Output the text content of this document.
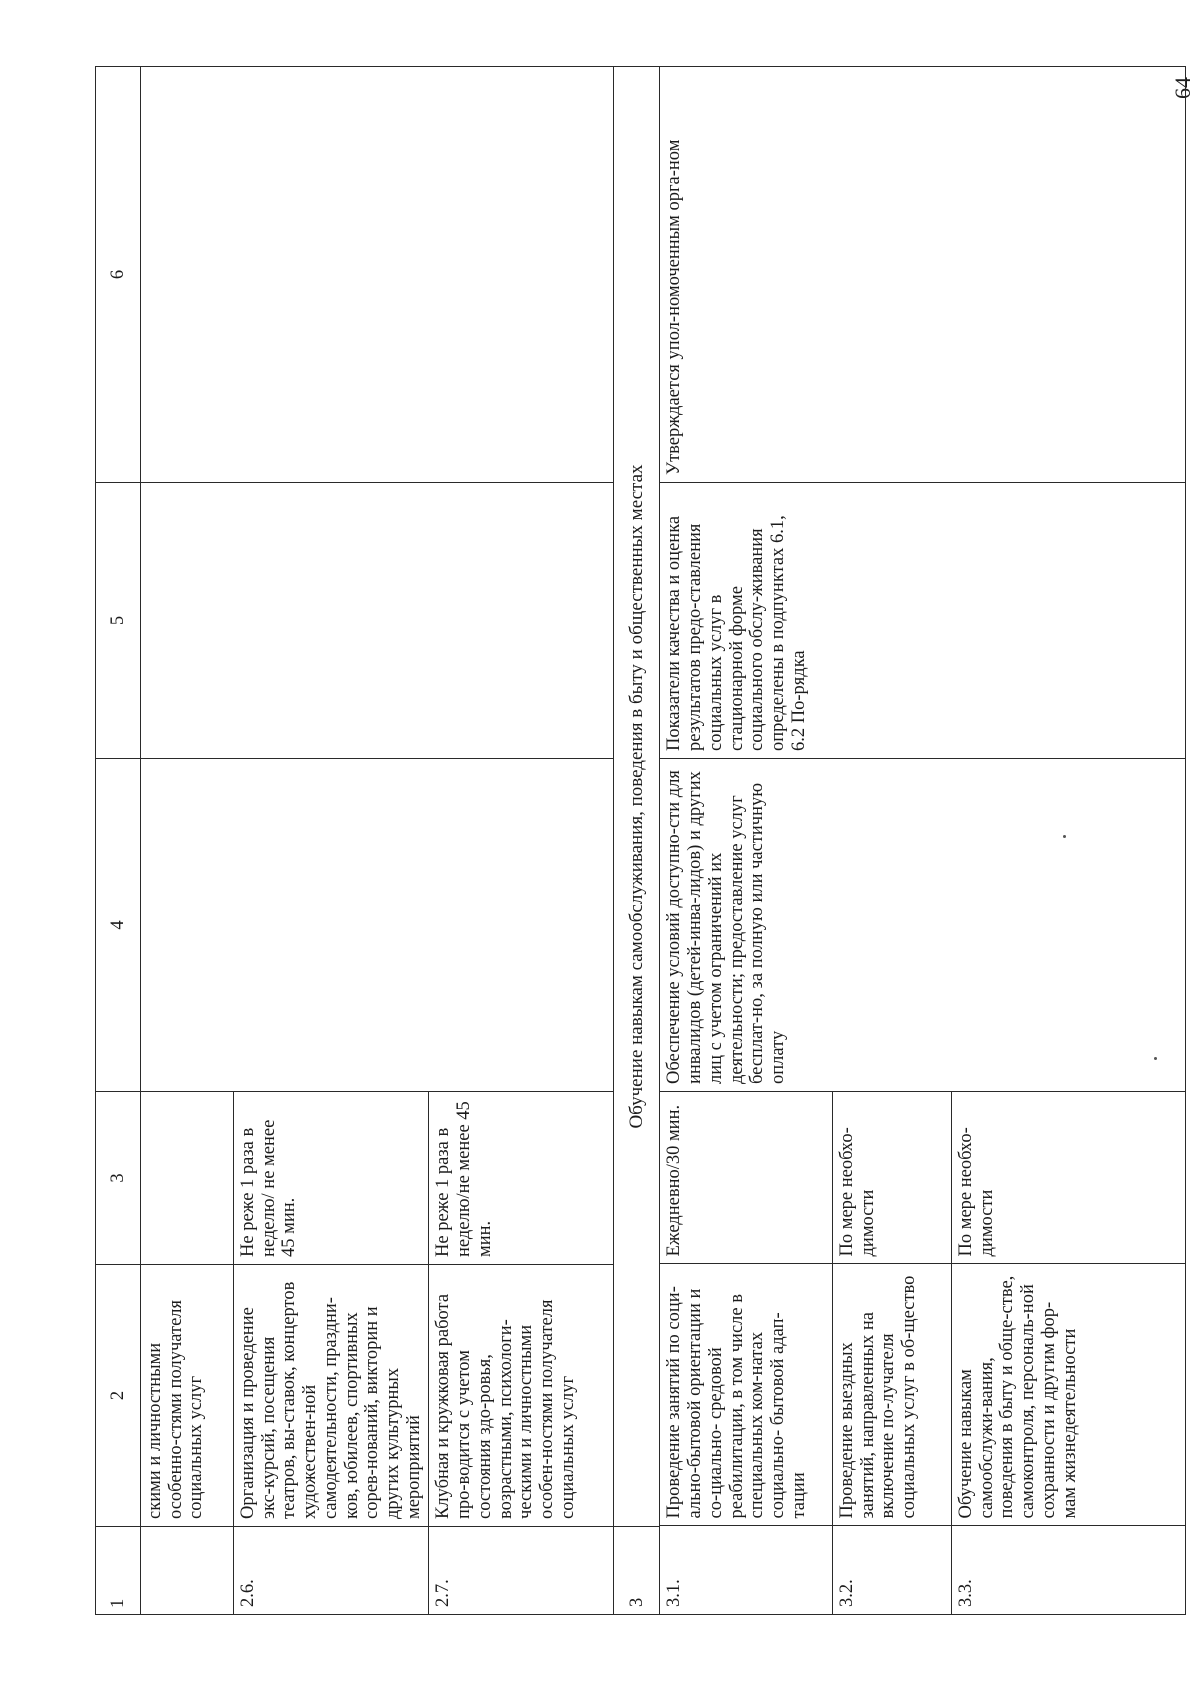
64
1	2	3	4	5	6
	скими и личностными особенно-стями получателя социальных услуг				
2.6.	Организация и проведение экс-курсий, посещения театров, вы-ставок, концертов художествен-ной самодеятельности, праздни-ков, юбилеев, спортивных сорев-нований, викторин и других культурных мероприятий	Не реже 1 раза в неделю/ не менее 45 мин.
2.7.	Клубная и кружковая работа про-водится с учетом состояния здо-ровья, возрастными, психологи-ческими и личностными особен-ностями получателя социальных услуг	Не реже 1 раза в неделю/не менее 45 мин.
3	Обучение навыкам самообслуживания, поведения в быту и общественных местах

3.1.	Проведение занятий по соци-ально-бытовой ориентации и со-циально- средовой реабилитации, в том числе в специальных ком-натах социально- бытовой адап-тации	Ежедневно/30 мин.
3.2.	Проведение выездных занятий, направленных на включение по-лучателя социальных услуг в об-щество	По мере необхо-димости
3.3.	Обучение навыкам самообслужи-вания, поведения в быту и обще-стве, самоконтроля, персональ-ной сохранности и другим фор-мам жизнедеятельности	По мере необхо-димости
	Обеспечение условий доступно-сти для инвалидов (детей-инва-лидов) и других лиц с учетом ограничений их деятельности; предоставление услуг бесплат-но, за полную или частичную оплату	Показатели качества и оценка результатов предо-ставления социальных услуг в стационарной форме социального обслу-живания определены в подпунктах 6.1, 6.2 По-рядка	Утверждается упол-номоченным орга-ном
